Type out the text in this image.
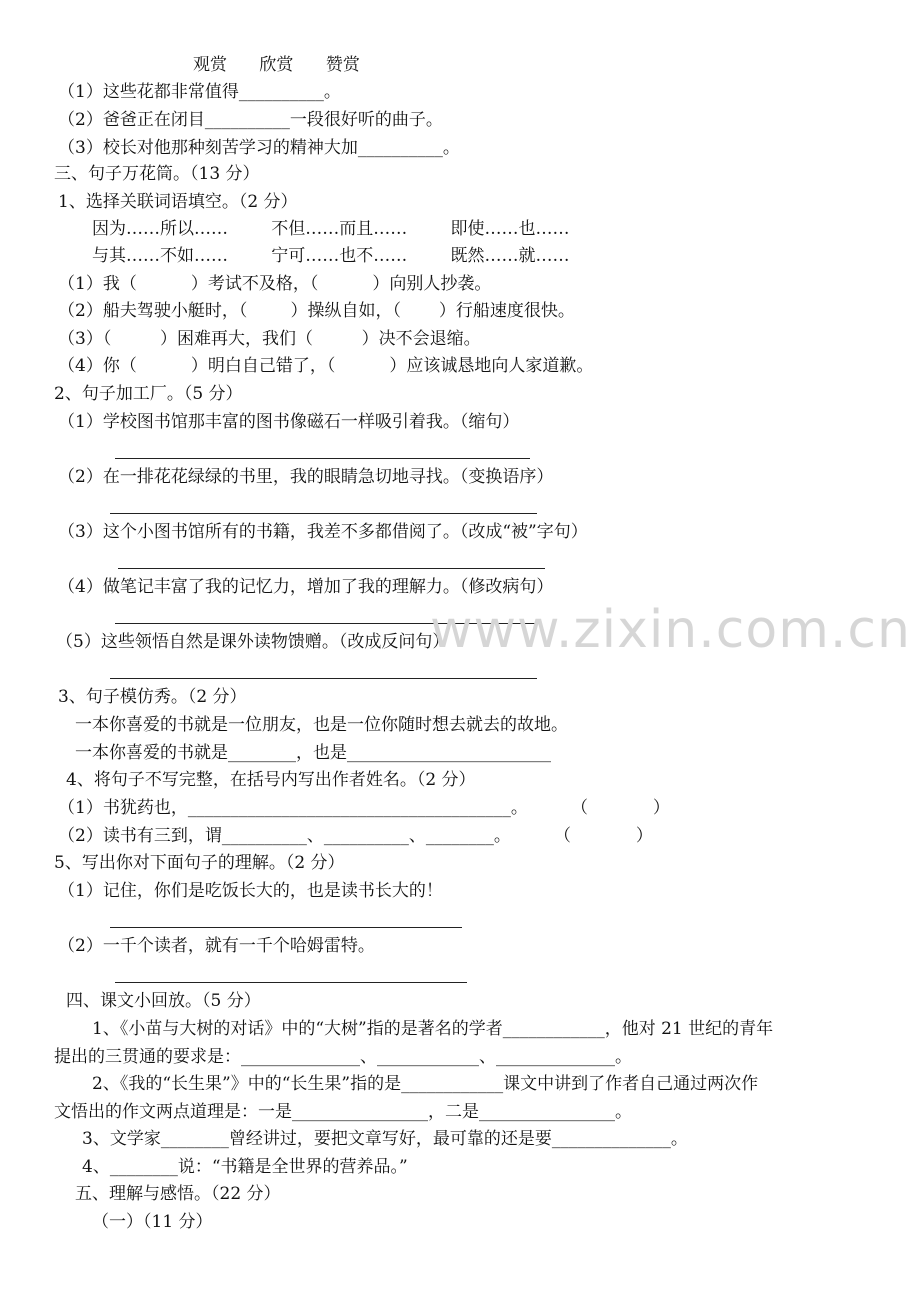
观赏      欣赏      赞赏
（1）这些花都非常值得__________。
（2）爸爸正在闭目__________一段很好听的曲子。
（3）校长对他那种刻苦学习的精神大加__________。
三、句子万花筒。（13 分）
1、选择关联词语填空。（2 分）
因为……所以……        不但……而且……        即使……也……
与其……不如……        宁可……也不……        既然……就……
（1）我（          ）考试不及格，（          ）向别人抄袭。
（2）船夫驾驶小艇时，（        ）操纵自如，（       ）行船速度很快。
（3）（         ）困难再大，我们（         ）决不会退缩。
（4）你（          ）明白自己错了，（          ）应该诚恳地向人家道歉。
2、句子加工厂。（5 分）
（1）学校图书馆那丰富的图书像磁石一样吸引着我。（缩句）
（2）在一排花花绿绿的书里，我的眼睛急切地寻找。（变换语序）
（3）这个小图书馆所有的书籍，我差不多都借阅了。（改成“被”字句）
（4）做笔记丰富了我的记忆力，增加了我的理解力。（修改病句）
（5）这些领悟自然是课外读物馈赠。（改成反问句）
3、句子模仿秀。（2 分）
一本你喜爱的书就是一位朋友，也是一位你随时想去就去的故地。
一本你喜爱的书就是________，也是________________________
4、将句子不写完整，在括号内写出作者姓名。（2 分）
（1）书犹药也，______________________________________。        （            ）
（2）读书有三到，谓__________、__________、________。        （            ）
5、写出你对下面句子的理解。（2 分）
（1）记住，你们是吃饭长大的，也是读书长大的！
（2）一千个读者，就有一千个哈姆雷特。
四、课文小回放。（5 分）
1、《小苗与大树的对话》中的“大树”指的是著名的学者____________，他对 21 世纪的青年
提出的三贯通的要求是：______________、____________、______________。
2、《我的“长生果”》中的“长生果”指的是____________课文中讲到了作者自己通过两次作
文悟出的作文两点道理是：一是________________，二是________________。
3、文学家________曾经讲过，要把文章写好，最可靠的还是要______________。
4、________说：“书籍是全世界的营养品。”
五、理解与感悟。（22 分）
（一）（11 分）
www.zixin.com.cn
